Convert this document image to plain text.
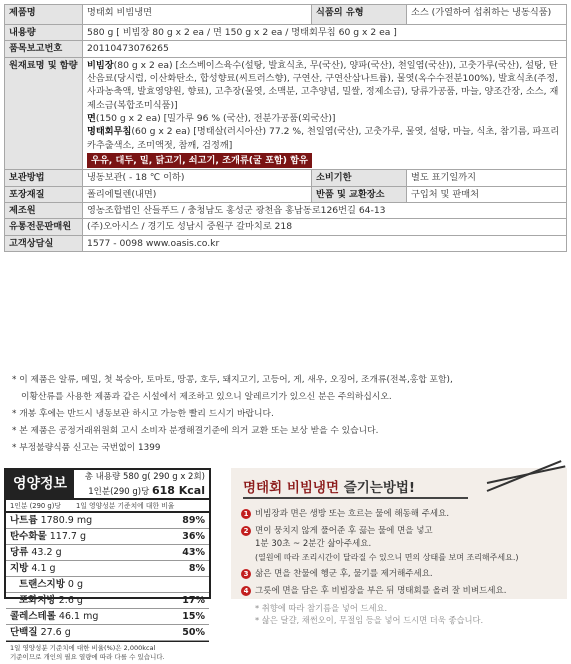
제품명	명태회 비빔냉면	식품의 유형	소스 (가열하여 섭취하는 냉동식품)
내용량	580 g [ 비빔장 80 g x 2 ea / 면 150 g x 2 ea / 명태회무침 60 g x 2 ea ]		
품목보고번호	20110473076265		
원재료명 및 함량	비빔장(80 g x 2 ea) [소스베이스육수(설탕, 발효식초, 무(국산), 양파(국산), 천일염(국산)), 고춧가루(국산), 설탕, 탄산음료(당시럽, 이산화탄소, 합성향료(씨트러스향), 구연산, 구연산삼나트륨), 물엿(옥수수전분100%), 발효식초(주정, 사과농축액, 발효영양원, 향료), 고추장(물엿, 소맥분, 고추양념, 밀쌀, 정제소금), 당류가공품, 마늘, 양조간장, 소스, 재제소금(복합조미식품)]

면(150 g x 2 ea) [밀가루 96 % (국산), 전분가공품(외국산)]

명태회무침(60 g x 2 ea) [명태살(러시아산) 77.2 %, 천일염(국산), 고춧가루, 물엿, 설탕, 마늘, 식초, 참기름, 파프리카추출색소, 조미액젓, 참깨, 검정깨]

우유, 대두, 밀, 닭고기, 쇠고기, 조개류(굴 포함) 함유		
보관방법	냉동보관( - 18 ℃ 이하)	소비기한	별도 표기일까지
포장재질	폴리에틸렌(내면)	반품 및 교환장소	구입처 및 판매처
제조원	영농조합법인 산들푸드 / 충청남도 홍성군 광천읍 홍남동로126번길 64-13		
유통전문판매원	(주)오아시스 / 경기도 성남시 중원구 갈마치로 218		
고객상담실	1577 - 0098 www.oasis.co.kr		
* 이 제품은 알류, 메밀, 첫 복숭아, 토마토, 땅콩, 호두, 돼지고기, 고등어, 게, 새우, 오징어, 조개류(전복,홍합 포함),
이황산류를 사용한 제품과 같은 시설에서 제조하고 있으니 알레르기가 있으신 분은 주의하십시오.
* 개봉 후에는 반드시 냉동보관 하시고 가능한 빨리 드시기 바랍니다.
* 본 제품은 공정거래위원회 고시 소비자 분쟁해결기준에 의거 교환 또는 보상 받을 수 있습니다.
* 부정불량식품 신고는 국번없이 1399
영양정보	총 내용량 580 g( 290 g x 2회)
1인분(290 g)당 618 Kcal
1인분 (290 g)당 1일 영양성분 기준치에 대한 비율
나트륨 1780.9 mg	89%
탄수화물 117.7 g	36%
당류 43.2 g	43%
지방 4.1 g	8%
트랜스지방 0 g
포화지방 2.6 g	17%
콜레스테롤 46.1 mg	15%
단백질 27.6 g	50%
1일 영양성분 기준치에 대한 비율(%)은 2,000kcal
기준이므로 개인의 필요 열량에 따라 다를 수 있습니다.
명태회 비빔냉면 즐기는방법!
1 비빔장과 면은 생방 또는 흐르는 물에 해동해 주세요.
2 면이 뭉치지 않게 풀어준 후 끓는 물에 면을 넣고
1분 30초 ~ 2분간 삶아주세요.
(열원에 따라 조리시간이 달라질 수 있으니 면의 상태를 보며 조리해주세요.)
3 삶은 면을 찬물에 헹군 후, 물기를 제거해주세요.
4 그릇에 면을 담은 후 비빔장을 부은 뒤 명태회를 올려 잘 비벼드세요.
* 취향에 따라 참기름을 넣어 드세요.
* 삶은 달걀, 채썬오이, 무절임 등을 넣어 드시면 더욱 좋습니다.
